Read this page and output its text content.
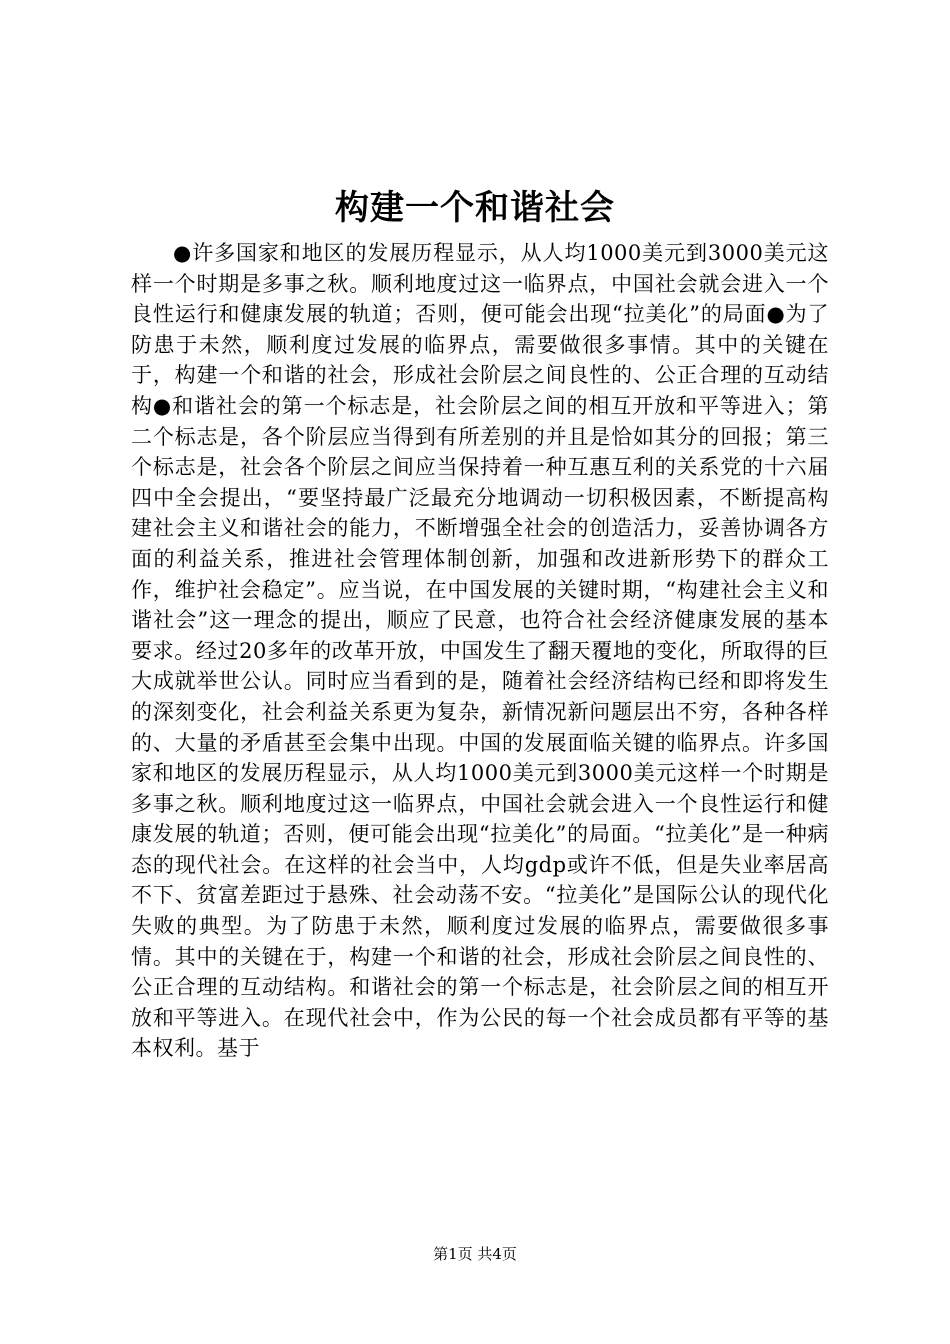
构建一个和谐社会

●许多国家和地区的发展历程显示，从人均1000美元到3000美元这样一个时期是多事之秋。顺利地度过这一临界点，中国社会就会进入一个良性运行和健康发展的轨道；否则，便可能会出现“拉美化”的局面●为了防患于未然，顺利度过发展的临界点，需要做很多事情。其中的关键在于，构建一个和谐的社会，形成社会阶层之间良性的、公正合理的互动结构●和谐社会的第一个标志是，社会阶层之间的相互开放和平等进入；第二个标志是，各个阶层应当得到有所差别的并且是恰如其分的回报；第三个标志是，社会各个阶层之间应当保持着一种互惠互利的关系党的十六届四中全会提出，“要坚持最广泛最充分地调动一切积极因素，不断提高构建社会主义和谐社会的能力，不断增强全社会的创造活力，妥善协调各方面的利益关系，推进社会管理体制创新，加强和改进新形势下的群众工作，维护社会稳定”。应当说，在中国发展的关键时期，“构建社会主义和谐社会”这一理念的提出，顺应了民意，也符合社会经济健康发展的基本要求。经过20多年的改革开放，中国发生了翻天覆地的变化，所取得的巨大成就举世公认。同时应当看到的是，随着社会经济结构已经和即将发生的深刻变化，社会利益关系更为复杂，新情况新问题层出不穷，各种各样的、大量的矛盾甚至会集中出现。中国的发展面临关键的临界点。许多国家和地区的发展历程显示，从人均1000美元到3000美元这样一个时期是多事之秋。顺利地度过这一临界点，中国社会就会进入一个良性运行和健康发展的轨道；否则，便可能会出现“拉美化”的局面。“拉美化”是一种病态的现代社会。在这样的社会当中，人均gdp或许不低，但是失业率居高不下、贫富差距过于悬殊、社会动荡不安。“拉美化”是国际公认的现代化失败的典型。为了防患于未然，顺利度过发展的临界点，需要做很多事情。其中的关键在于，构建一个和谐的社会，形成社会阶层之间良性的、公正合理的互动结构。和谐社会的第一个标志是，社会阶层之间的相互开放和平等进入。在现代社会中，作为公民的每一个社会成员都有平等的基本权利。基于

第1页 共4页
